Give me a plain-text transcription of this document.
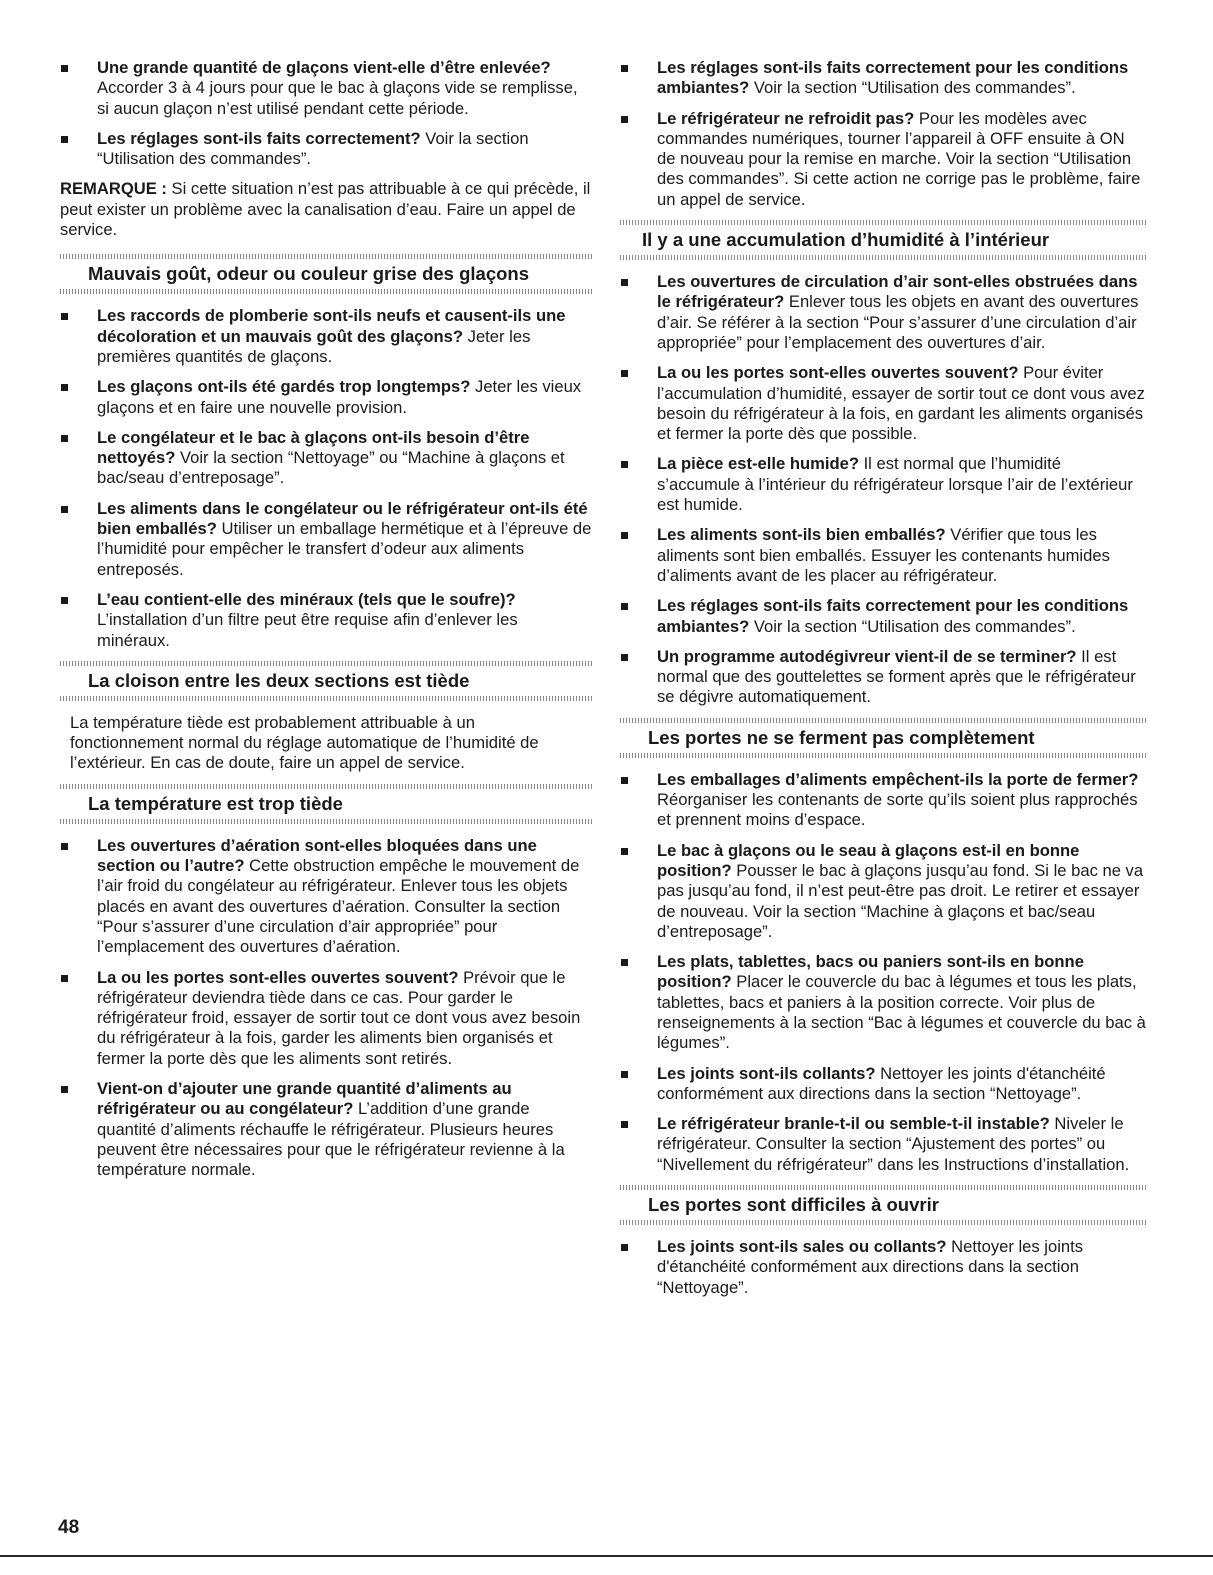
Une grande quantité de glaçons vient-elle d’être enlevée?
Accorder 3 à 4 jours pour que le bac à glaçons vide se remplisse, si aucun glaçon n’est utilisé pendant cette période.
Les réglages sont-ils faits correctement? Voir la section “Utilisation des commandes”.
REMARQUE : Si cette situation n’est pas attribuable à ce qui précède, il peut exister un problème avec la canalisation d’eau. Faire un appel de service.
Mauvais goût, odeur ou couleur grise des glaçons
Les raccords de plomberie sont-ils neufs et causent-ils une décoloration et un mauvais goût des glaçons? Jeter les premières quantités de glaçons.
Les glaçons ont-ils été gardés trop longtemps? Jeter les vieux glaçons et en faire une nouvelle provision.
Le congélateur et le bac à glaçons ont-ils besoin d’être nettoyés? Voir la section “Nettoyage” ou “Machine à glaçons et bac/seau d’entreposage”.
Les aliments dans le congélateur ou le réfrigérateur ont-ils été bien emballés? Utiliser un emballage hermétique et à l’épreuve de l’humidité pour empêcher le transfert d’odeur aux aliments entreposés.
L’eau contient-elle des minéraux (tels que le soufre)?
L’installation d’un filtre peut être requise afin d’enlever les minéraux.
La cloison entre les deux sections est tiède
La température tiède est probablement attribuable à un fonctionnement normal du réglage automatique de l’humidité de l’extérieur. En cas de doute, faire un appel de service.
La température est trop tiède
Les ouvertures d’aération sont-elles bloquées dans une section ou l’autre? Cette obstruction empêche le mouvement de l’air froid du congélateur au réfrigérateur. Enlever tous les objets placés en avant des ouvertures d’aération. Consulter la section “Pour s’assurer d’une circulation d’air appropriée” pour l’emplacement des ouvertures d’aération.
La ou les portes sont-elles ouvertes souvent? Prévoir que le réfrigérateur deviendra tiède dans ce cas. Pour garder le réfrigérateur froid, essayer de sortir tout ce dont vous avez besoin du réfrigérateur à la fois, garder les aliments bien organisés et fermer la porte dès que les aliments sont retirés.
Vient-on d’ajouter une grande quantité d’aliments au réfrigérateur ou au congélateur? L’addition d’une grande quantité d’aliments réchauffe le réfrigérateur. Plusieurs heures peuvent être nécessaires pour que le réfrigérateur revienne à la température normale.
Les réglages sont-ils faits correctement pour les conditions ambiantes? Voir la section “Utilisation des commandes”.
Le réfrigérateur ne refroidit pas? Pour les modèles avec commandes numériques, tourner l’appareil à OFF ensuite à ON de nouveau pour la remise en marche. Voir la section “Utilisation des commandes”. Si cette action ne corrige pas le problème, faire un appel de service.
Il y a une accumulation d’humidité à l’intérieur
Les ouvertures de circulation d’air sont-elles obstruées dans le réfrigérateur? Enlever tous les objets en avant des ouvertures d’air. Se référer à la section “Pour s’assurer d’une circulation d’air appropriée” pour l’emplacement des ouvertures d’air.
La ou les portes sont-elles ouvertes souvent? Pour éviter l’accumulation d’humidité, essayer de sortir tout ce dont vous avez besoin du réfrigérateur à la fois, en gardant les aliments organisés et fermer la porte dès que possible.
La pièce est-elle humide? Il est normal que l’humidité s’accumule à l’intérieur du réfrigérateur lorsque l’air de l’extérieur est humide.
Les aliments sont-ils bien emballés? Vérifier que tous les aliments sont bien emballés. Essuyer les contenants humides d’aliments avant de les placer au réfrigérateur.
Les réglages sont-ils faits correctement pour les conditions ambiantes? Voir la section “Utilisation des commandes”.
Un programme autodégivreur vient-il de se terminer? Il est normal que des gouttelettes se forment après que le réfrigérateur se dégivre automatiquement.
Les portes ne se ferment pas complètement
Les emballages d’aliments empêchent-ils la porte de fermer? Réorganiser les contenants de sorte qu’ils soient plus rapprochés et prennent moins d’espace.
Le bac à glaçons ou le seau à glaçons est-il en bonne position? Pousser le bac à glaçons jusqu’au fond. Si le bac ne va pas jusqu’au fond, il n’est peut-être pas droit. Le retirer et essayer de nouveau. Voir la section “Machine à glaçons et bac/seau d’entreposage”.
Les plats, tablettes, bacs ou paniers sont-ils en bonne position? Placer le couvercle du bac à légumes et tous les plats, tablettes, bacs et paniers à la position correcte. Voir plus de renseignements à la section “Bac à légumes et couvercle du bac à légumes”.
Les joints sont-ils collants? Nettoyer les joints d'étanchéité conformément aux directions dans la section “Nettoyage”.
Le réfrigérateur branle-t-il ou semble-t-il instable? Niveler le réfrigérateur. Consulter la section “Ajustement des portes” ou “Nivellement du réfrigérateur” dans les Instructions d’installation.
Les portes sont difficiles à ouvrir
Les joints sont-ils sales ou collants? Nettoyer les joints d'étanchéité conformément aux directions dans la section “Nettoyage”.
48
